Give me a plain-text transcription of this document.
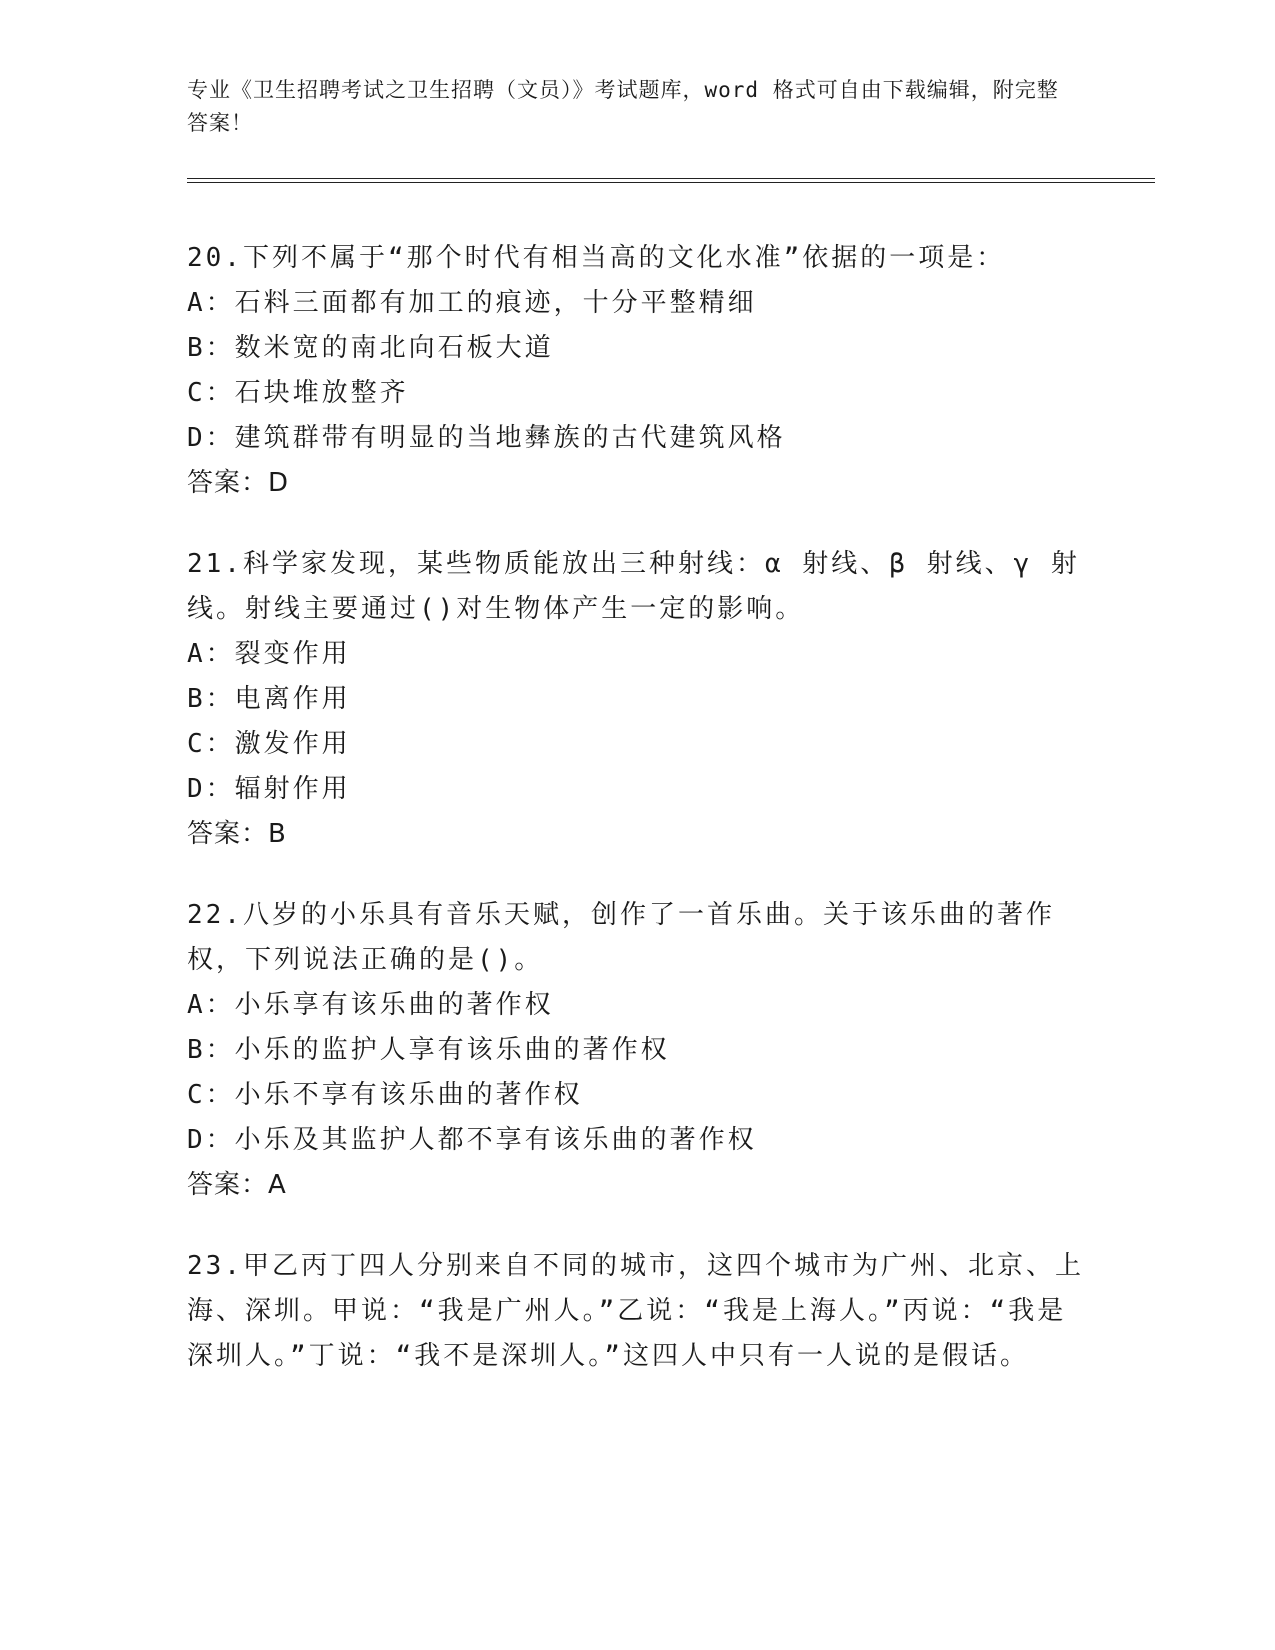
专业《卫生招聘考试之卫生招聘（文员）》考试题库，word 格式可自由下载编辑，附完整答案！
20.下列不属于“那个时代有相当高的文化水准”依据的一项是：
A：石料三面都有加工的痕迹，十分平整精细
B：数米宽的南北向石板大道
C：石块堆放整齐
D：建筑群带有明显的当地彝族的古代建筑风格
答案：D
21.科学家发现，某些物质能放出三种射线：α 射线、β 射线、γ 射线。射线主要通过()对生物体产生一定的影响。
A：裂变作用
B：电离作用
C：激发作用
D：辐射作用
答案：B
22.八岁的小乐具有音乐天赋，创作了一首乐曲。关于该乐曲的著作权，下列说法正确的是()。
A：小乐享有该乐曲的著作权
B：小乐的监护人享有该乐曲的著作权
C：小乐不享有该乐曲的著作权
D：小乐及其监护人都不享有该乐曲的著作权
答案：A
23.甲乙丙丁四人分别来自不同的城市，这四个城市为广州、北京、上海、深圳。甲说：“我是广州人。”乙说：“我是上海人。”丙说：“我是深圳人。”丁说：“我不是深圳人。”这四人中只有一人说的是假话。
